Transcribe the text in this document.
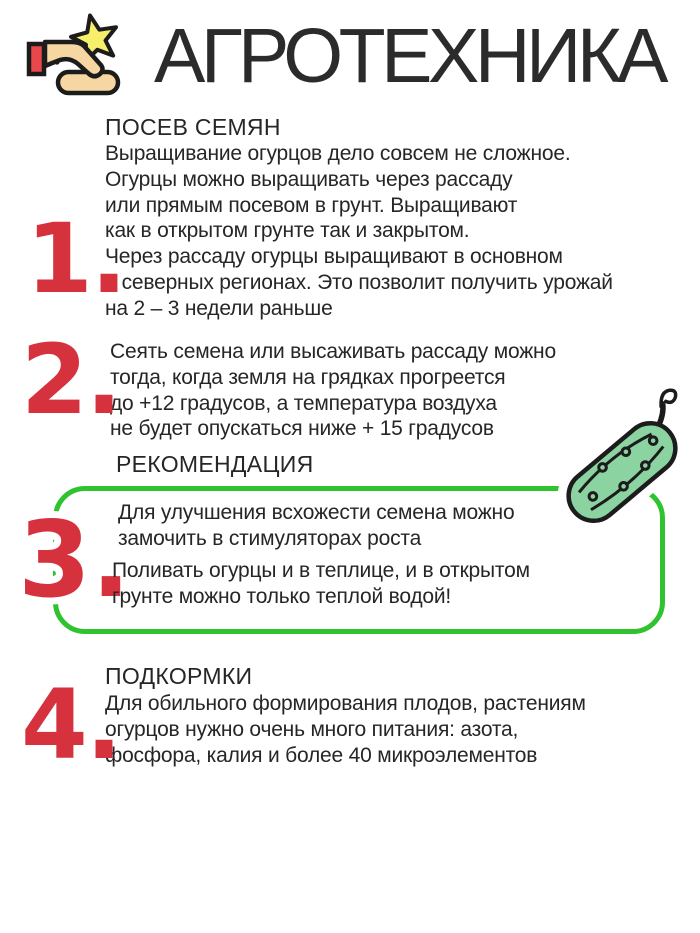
АГРОТЕХНИКА
1.
ПОСЕВ СЕМЯН
Выращивание огурцов дело совсем не сложное.
Огурцы можно выращивать через рассаду
или прямым посевом в грунт. Выращивают
как в открытом грунте так и закрытом.
Через рассаду огурцы выращивают в основном
в северных регионах. Это позволит получить урожай
на 2 – 3 недели раньше
2.
Сеять семена или высаживать рассаду можно
тогда, когда земля на грядках прогреется
до +12 градусов, а температура воздуха
не будет опускаться ниже + 15 градусов
РЕКОМЕНДАЦИЯ
3.
Для улучшения всхожести семена можно
замочить в стимуляторах роста
Поливать огурцы и в теплице, и в открытом
грунте можно только теплой водой!
4.
ПОДКОРМКИ
Для обильного формирования плодов, растениям
огурцов нужно очень много питания: азота,
фосфора, калия и более 40 микроэлементов
